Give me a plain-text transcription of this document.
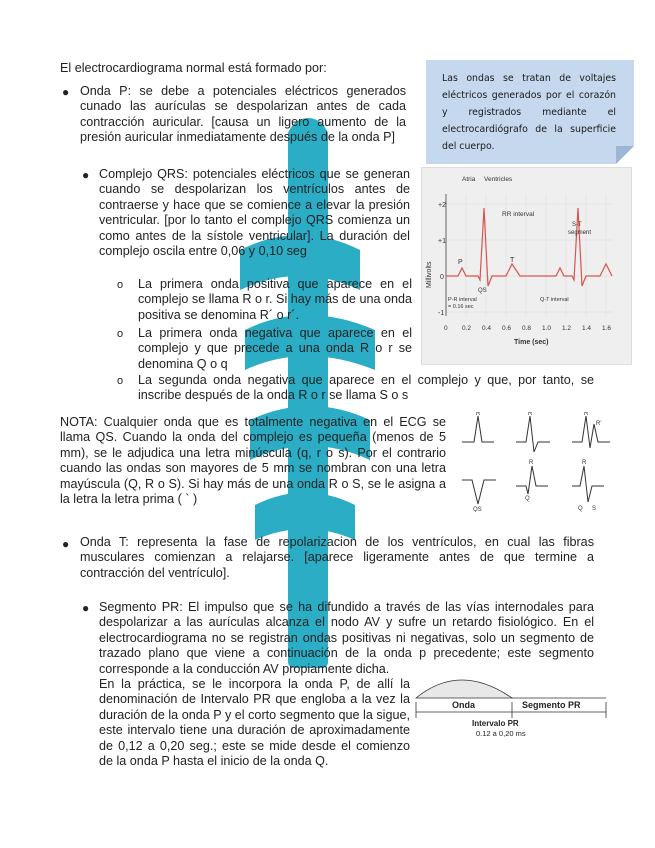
El electrocardiograma normal está formado por:
● Onda P: se debe a potenciales eléctricos generados cunado las aurículas se despolarizan antes de cada contracción auricular. [causa un ligero aumento de la presión auricular inmediatamente después de la onda P]
Las ondas se tratan de voltajes eléctricos generados por el corazón y registrados mediante el electrocardiógrafo de la superficie del cuerpo.
● Complejo QRS: potenciales eléctricos que se generan cuando se despolarizan los ventrículos antes de contraerse y hace que se comience a elevar la presión ventricular. [por lo tanto el complejo QRS comienza un como antes de la sístole ventricular]. La duración del complejo oscila entre 0,06 y 0,10 seg
+2
+1
0
-1
Millivolts
Atria Ventricles
RR interval
S-T
segment
P	T
QS
P-R interval
= 0.16 sec
Q-T interval
0 0.2 0.4 0.6 0.8 1.0 1.2 1.4 1.6
Time (sec)
o La primera onda positiva que aparece en el complejo se llama R o r. Si hay más de una onda positiva se denomina R´ o r´.
o La primera onda negativa que aparece en el complejo y que precede a una onda R o r se denomina Q o q
o La segunda onda negativa que aparece en el complejo y que, por tanto, se inscribe después de la onda R o r se llama S o s
NOTA: Cualquier onda que es totalmente negativa en el ECG se llama QS. Cuando la onda del complejo es pequeña (menos de 5 mm), se le adjudica una letra minúscula (q, r o s). Por el contrario cuando las ondas son mayores de 5 mm se nombran con una letra mayúscula (Q, R o S). Si hay más de una onda R o S, se le asigna a la letra la letra prima ( ` )
R	R	R
R'
QS
R
Q
R
Q S
● Onda T: representa la fase de repolarizacion de los ventrículos, en cual las fibras musculares comienzan a relajarse. [aparece ligeramente antes de que termine a contracción del ventrículo].
● Segmento PR: El impulso que se ha difundido a través de las vías internodales para despolarizar a las aurículas alcanza el nodo AV y sufre un retardo fisiológico. En el electrocardiograma no se registran ondas positivas ni negativas, solo un segmento de trazado plano que viene a continuación de la onda p precedente; este segmento corresponde a la conducción AV propiamente dicha.
En la práctica, se le incorpora la onda P, de allí la denominación de Intervalo PR que engloba a la vez la duración de la onda P y el corto segmento que la sigue, este intervalo tiene una duración de aproximadamente de 0,12 a 0,20 seg.; este se mide desde el comienzo de la onda P hasta el inicio de la onda Q.
Onda	Segmento PR
Intervalo PR
0.12 a 0,20 ms
